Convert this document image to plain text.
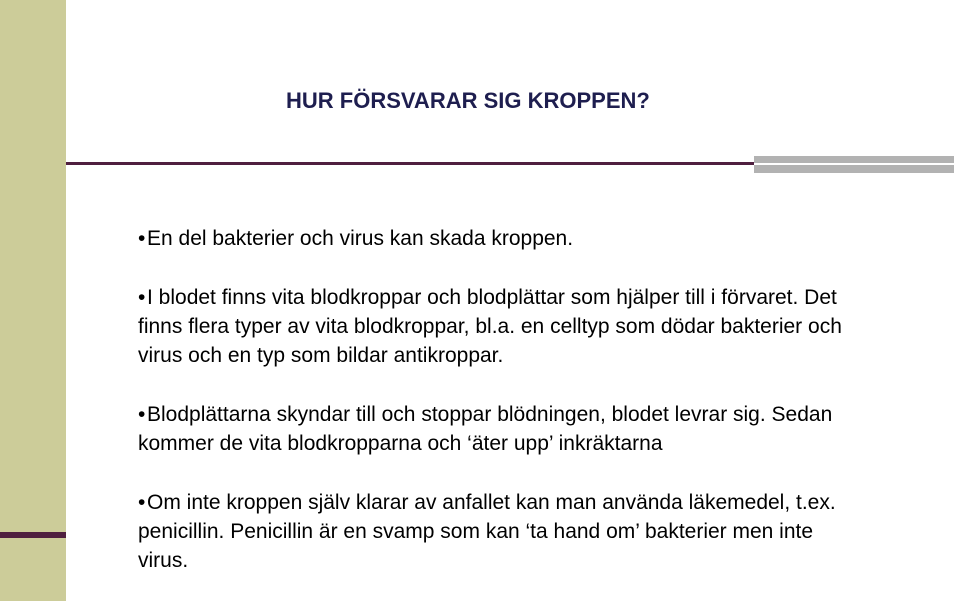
HUR FÖRSVARAR SIG KROPPEN?
•En del bakterier och virus kan skada kroppen.
•I blodet finns vita blodkroppar och blodplättar som hjälper till i förvaret. Det finns flera typer av vita blodkroppar, bl.a. en celltyp som dödar bakterier och virus och en typ som bildar antikroppar.
•Blodplättarna skyndar till och stoppar blödningen, blodet levrar sig. Sedan kommer de vita blodkropparna och ‘äter upp’ inkräktarna
•Om inte kroppen själv klarar av anfallet kan man använda läkemedel, t.ex. penicillin. Penicillin är en svamp som kan ‘ta hand om’ bakterier men inte virus.
